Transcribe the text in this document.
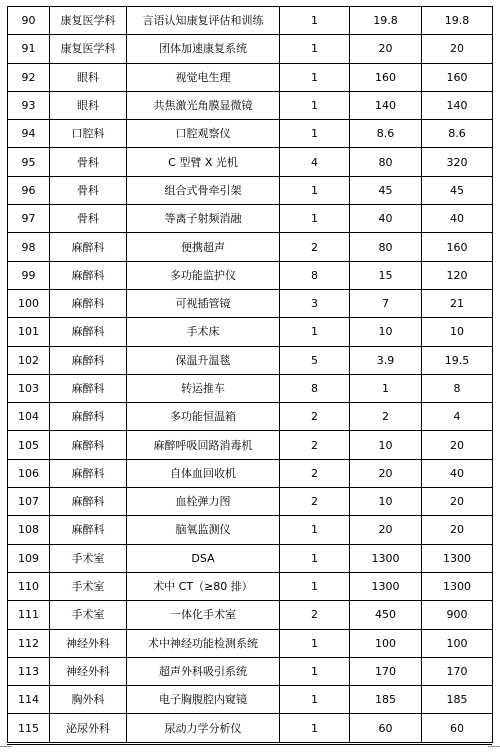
90	康复医学科	言语认知康复评估和训练	1	19.8	19.8
91	康复医学科	团体加速康复系统	1	20	20
92	眼科	视觉电生理	1	160	160
93	眼科	共焦激光角膜显微镜	1	140	140
94	口腔科	口腔观察仪	1	8.6	8.6
95	骨科	C 型臂 X 光机	4	80	320
96	骨科	组合式骨牵引架	1	45	45
97	骨科	等离子射频消融	1	40	40
98	麻醉科	便携超声	2	80	160
99	麻醉科	多功能监护仪	8	15	120
100	麻醉科	可视插管镜	3	7	21
101	麻醉科	手术床	1	10	10
102	麻醉科	保温升温毯	5	3.9	19.5
103	麻醉科	转运推车	8	1	8
104	麻醉科	多功能恒温箱	2	2	4
105	麻醉科	麻醉呼吸回路消毒机	2	10	20
106	麻醉科	自体血回收机	2	20	40
107	麻醉科	血栓弹力图	2	10	20
108	麻醉科	脑氧监测仪	1	20	20
109	手术室	DSA	1	1300	1300
110	手术室	术中 CT（≥80 排）	1	1300	1300
111	手术室	一体化手术室	2	450	900
112	神经外科	术中神经功能检测系统	1	100	100
113	神经外科	超声外科吸引系统	1	170	170
114	胸外科	电子胸腹腔内窥镜	1	185	185
115	泌尿外科	尿动力学分析仪	1	60	60
